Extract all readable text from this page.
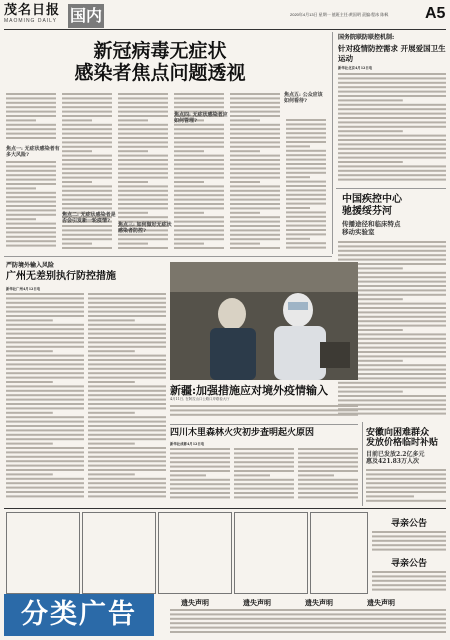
茂名日报
MAOMING DAILY 国内	2020年4月13日 星期一 值班主任:黄国明 责编:程冰 陈枫 A5
新冠病毒无症状
感染者焦点问题透视
焦点一: 无症状感染者有多大风险?
焦点二: 无症状感染者是否会引发新一轮疫情?
焦点三: 如何做好无症状感染者防控?
焦点四: 无症状感染者应如何管理?
焦点五: 公众应该如何看待?
国务院联防联控机制:
针对疫情防控需求 开展爱国卫生运动
新华社北京4月12日电
中国疾控中心
驰援绥芬河
传播途径和临床特点
移动实验室
严防境外输入风险
广州无差别执行防控措施
新华社广州4月12日电
新疆:加强措施应对境外疫情输入
4月11日, 在阿拉山口公路口岸联检大厅
四川木里森林火灾初步查明起火原因
新华社成都4月12日电
安徽向困难群众
发放价格临时补贴
目前已发放2.2亿多元
惠及421.83万人次
寻亲公告
寻亲公告
分类广告	遗失声明	遗失声明	遗失声明	遗失声明
